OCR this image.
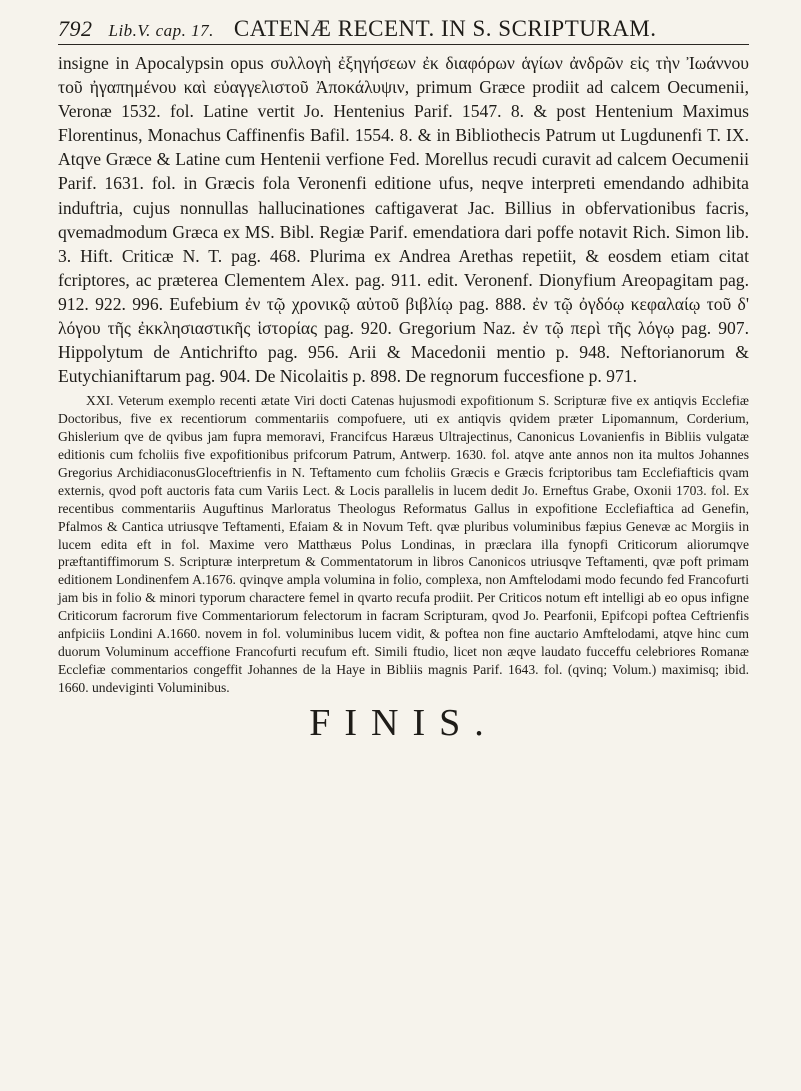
792 Lib.V. cap. 17. CATENÆ RECENT. IN S. SCRIPTURAM.

insigne in Apocalypsin opus συλλογὴ ἐξηγήσεων ἐκ διαφόρων ἁγίων ἀνδρῶν εἰς τὴν Ἰωάννου τοῦ ἠγαπημένου καὶ εὐαγγελιστοῦ Ἀποκάλυψιν, primum Græce prodiit ad calcem Oecumenii, Veronæ 1532. fol. Latine vertit Jo. Hentenius Parif. 1547. 8. & post Hentenium Maximus Florentinus, Monachus Caffinenfis Bafil. 1554. 8. & in Bibliothecis Patrum ut Lugdunenfi T. IX. Atqve Græce & Latine cum Hentenii verfione Fed. Morellus recudi curavit ad calcem Oecumenii Parif. 1631. fol. in Græcis fola Veronenfi editione ufus, neqve interpreti emendando adhibita induftria, cujus nonnullas hallucinationes caftigaverat Jac. Billius in obfervationibus facris, qvemadmodum Græca ex MS. Bibl. Regiæ Parif. emendatiora dari poffe notavit Rich. Simon lib. 3. Hift. Criticæ N. T. pag. 468. Plurima ex Andrea Arethas repetiit, & eosdem etiam citat fcriptores, ac præterea Clementem Alex. pag. 911. edit. Veronenf. Dionyfium Areopagitam pag. 912. 922. 996. Eufebium ἐν τῷ χρονικῷ αὐτοῦ βιβλίῳ pag. 888. ἐν τῷ ὀγδόῳ κεφαλαίῳ τοῦ δ' λόγου τῆς ἐκκλησιαστικῆς ἱστορίας pag. 920. Gregorium Naz. ἐν τῷ περὶ τῆς λόγῳ pag. 907. Hippolytum de Antichrifto pag. 956. Arii & Macedonii mentio p. 948. Neftorianorum & Eutychianiftarum pag. 904. De Nicolaitis p. 898. De regnorum fuccesfione p. 971.

XXI. Veterum exemplo recenti ætate Viri docti Catenas hujusmodi expofitionum S. Scripturæ five ex antiqvis Ecclefiæ Doctoribus, five ex recentiorum commentariis compofuere, uti ex antiqvis qvidem præter Lipomannum, Corderium, Ghislerium qve de qvibus jam fupra memoravi, Francifcus Haræus Ultrajectinus, Canonicus Lovanienfis in Bibliis vulgatæ editionis cum fcholiis five expofitionibus prifcorum Patrum, Antwerp. 1630. fol. atqve ante annos non ita multos Johannes Gregorius ArchidiaconusGloceftrienfis in N. Teftamento cum fcholiis Græcis e Græcis fcriptoribus tam Ecclefiafticis qvam externis, qvod poft auctoris fata cum Variis Lect. & Locis parallelis in lucem dedit Jo. Erneftus Grabe, Oxonii 1703. fol. Ex recentibus commentariis Auguftinus Marloratus Theologus Reformatus Gallus in expofitione Ecclefiaftica ad Genefin, Pfalmos & Cantica utriusqve Teftamenti, Efaiam & in Novum Teft. qvæ pluribus voluminibus fæpius Genevæ ac Morgiis in lucem edita eft in fol. Maxime vero Matthæus Polus Londinas, in præclara illa fynopfi Criticorum aliorumqve præftantiffimorum S. Scripturæ interpretum & Commentatorum in libros Canonicos utriusqve Teftamenti, qvæ poft primam editionem Londinenfem A.1676. qvinqve ampla volumina in folio, complexa, non Amftelodami modo fecundo fed Francofurti jam bis in folio & minori typorum charactere femel in qvarto recufa prodiit. Per Criticos notum eft intelligi ab eo opus infigne Criticorum facrorum five Commentariorum felectorum in facram Scripturam, qvod Jo. Pearfonii, Epifcopi poftea Ceftrienfis anfpiciis Londini A.1660. novem in fol. voluminibus lucem vidit, & poftea non fine auctario Amftelodami, atqve hinc cum duorum Voluminum acceffione Francofurti recufum eft. Simili ftudio, licet non æqve laudato fucceffu celebriores Romanæ Ecclefiæ commentarios congeffit Johannes de la Haye in Bibliis magnis Parif. 1643. fol. (qvinq; Volum.) maximisq; ibid. 1660. undeviginti Voluminibus.

FINIS.
